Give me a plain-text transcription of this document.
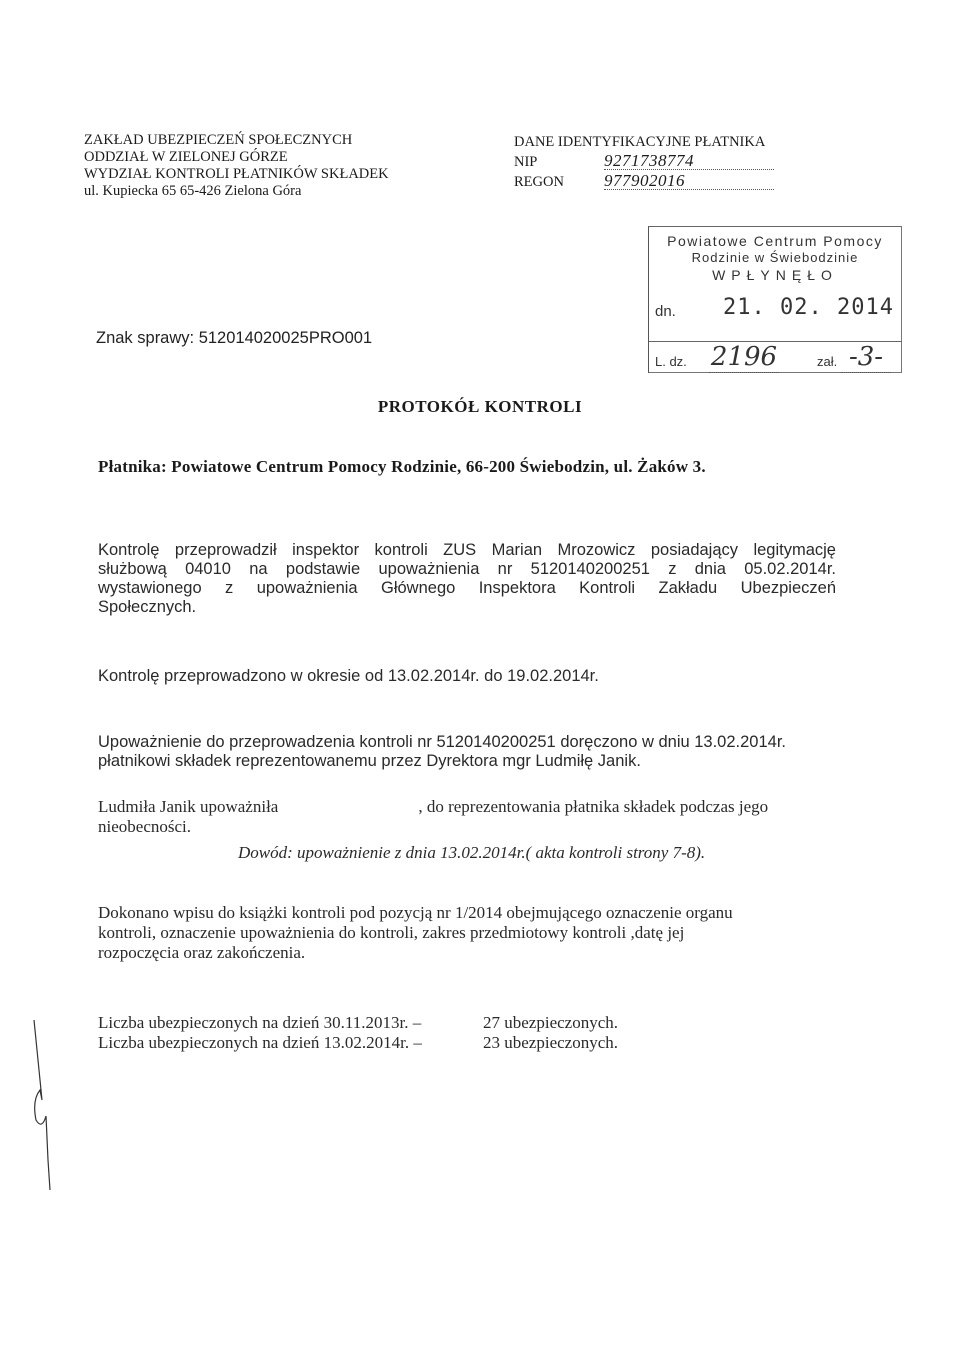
ZAKŁAD UBEZPIECZEŃ SPOŁECZNYCH
ODDZIAŁ W ZIELONEJ GÓRZE
WYDZIAŁ KONTROLI PŁATNIKÓW SKŁADEK
ul. Kupiecka 65 65-426 Zielona Góra
DANE IDENTYFIKACYJNE PŁATNIKA
NIP	9271738774
REGON	977902016
Powiatowe Centrum Pomocy
Rodzinie w Świebodzinie
WPŁYNĘŁO
dn. 21. 02. 2014
L. dz. 2196	zał. -3-
Znak sprawy: 512014020025PRO001
PROTOKÓŁ KONTROLI
Płatnika: Powiatowe Centrum Pomocy Rodzinie, 66-200 Świebodzin, ul. Żaków 3.
Kontrolę przeprowadził inspektor kontroli ZUS Marian Mrozowicz posiadający legitymację
służbową 04010 na podstawie upoważnienia nr 5120140200251 z dnia 05.02.2014r.
wystawionego z upoważnienia Głównego Inspektora Kontroli Zakładu Ubezpieczeń
Społecznych.
Kontrolę przeprowadzono w okresie od 13.02.2014r. do 19.02.2014r.
Upoważnienie do przeprowadzenia kontroli nr 5120140200251 doręczono w dniu 13.02.2014r.
płatnikowi składek reprezentowanemu przez Dyrektora mgr Ludmiłę Janik.
Ludmiła Janik upoważniła	, do reprezentowania płatnika składek podczas jego
nieobecności.
Dowód: upoważnienie z dnia 13.02.2014r.( akta kontroli strony 7-8).
Dokonano wpisu do książki kontroli pod pozycją nr 1/2014 obejmującego oznaczenie organu
kontroli, oznaczenie upoważnienia do kontroli, zakres przedmiotowy kontroli ,datę jej
rozpoczęcia oraz zakończenia.
Liczba ubezpieczonych na dzień 30.11.2013r. –	27 ubezpieczonych.
Liczba ubezpieczonych na dzień 13.02.2014r. –	23 ubezpieczonych.
